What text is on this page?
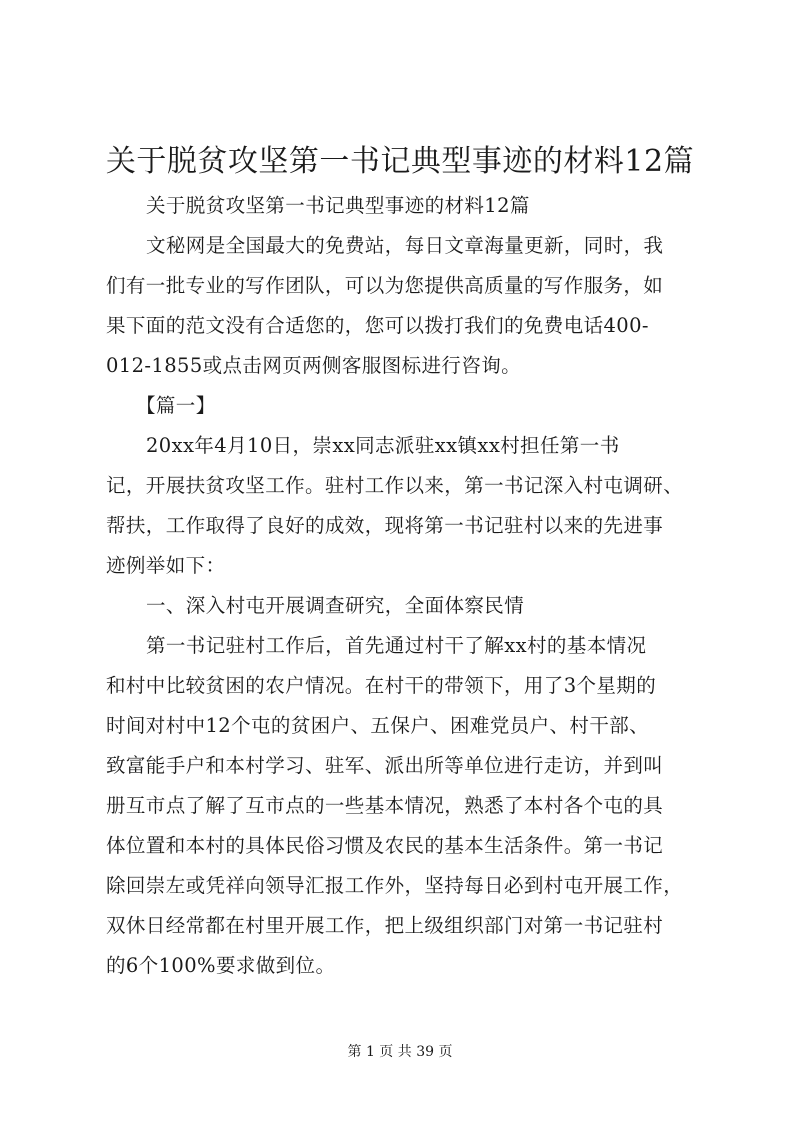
关于脱贫攻坚第一书记典型事迹的材料12篇
关于脱贫攻坚第一书记典型事迹的材料12篇
文秘网是全国最大的免费站，每日文章海量更新，同时，我
们有一批专业的写作团队，可以为您提供高质量的写作服务，如
果下面的范文没有合适您的，您可以拨打我们的免费电话400-
012-1855或点击网页两侧客服图标进行咨询。
【篇一】
20xx年4月10日，崇xx同志派驻xx镇xx村担任第一书
记，开展扶贫攻坚工作。驻村工作以来，第一书记深入村屯调研、
帮扶，工作取得了良好的成效，现将第一书记驻村以来的先进事
迹例举如下：
一、深入村屯开展调查研究，全面体察民情
第一书记驻村工作后，首先通过村干了解xx村的基本情况
和村中比较贫困的农户情况。在村干的带领下，用了3个星期的
时间对村中12个屯的贫困户、五保户、困难党员户、村干部、
致富能手户和本村学习、驻军、派出所等单位进行走访，并到叫
册互市点了解了互市点的一些基本情况，熟悉了本村各个屯的具
体位置和本村的具体民俗习惯及农民的基本生活条件。第一书记
除回崇左或凭祥向领导汇报工作外，坚持每日必到村屯开展工作，
双休日经常都在村里开展工作，把上级组织部门对第一书记驻村
的6个100%要求做到位。
第 1 页 共 39 页
